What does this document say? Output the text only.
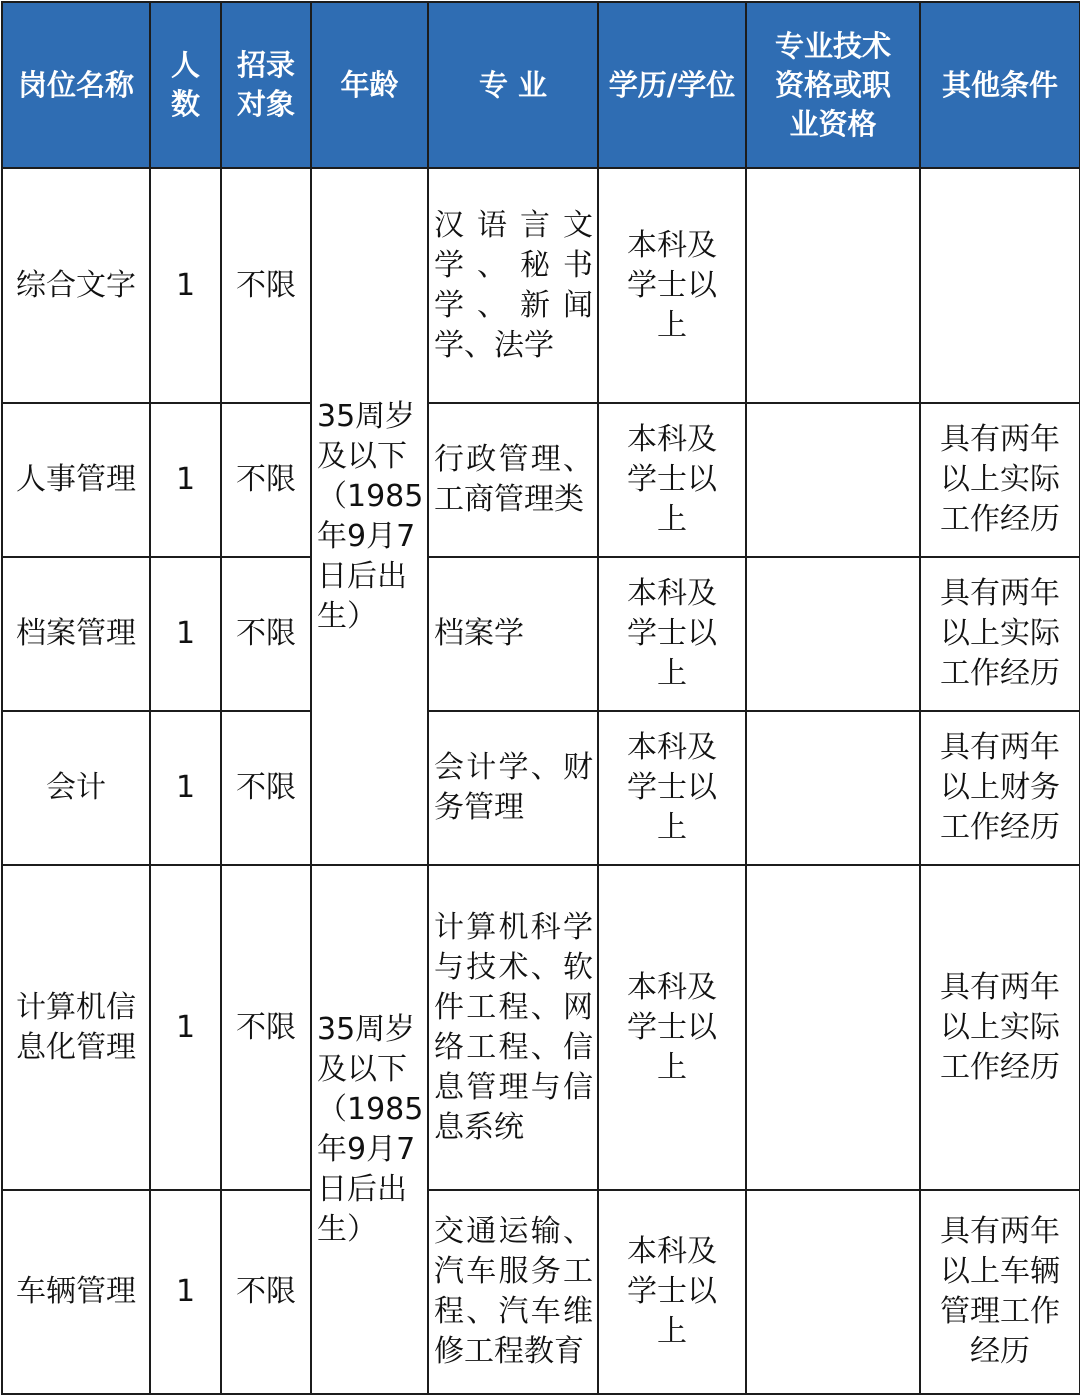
岗位名称	人数	招录对象	年龄	专 业	学历/学位	专业技术资格或职业资格	其他条件
综合文字	1	不限	35周岁及以下（1985年9月7日后出生）	汉语言文学、秘书学、新闻学、法学	本科及学士以上		
人事管理	1	不限		行政管理、工商管理类	本科及学士以上		具有两年以上实际工作经历
档案管理	1	不限		档案学	本科及学士以上		具有两年以上实际工作经历
会计	1	不限		会计学、财务管理	本科及学士以上		具有两年以上财务工作经历
计算机信息化管理	1	不限	35周岁及以下（1985年9月7日后出生）	计算机科学与技术、软件工程、网络工程、信息管理与信息系统	本科及学士以上		具有两年以上实际工作经历
车辆管理	1	不限		交通运输、汽车服务工程、汽车维修工程教育	本科及学士以上		具有两年以上车辆管理工作经历
